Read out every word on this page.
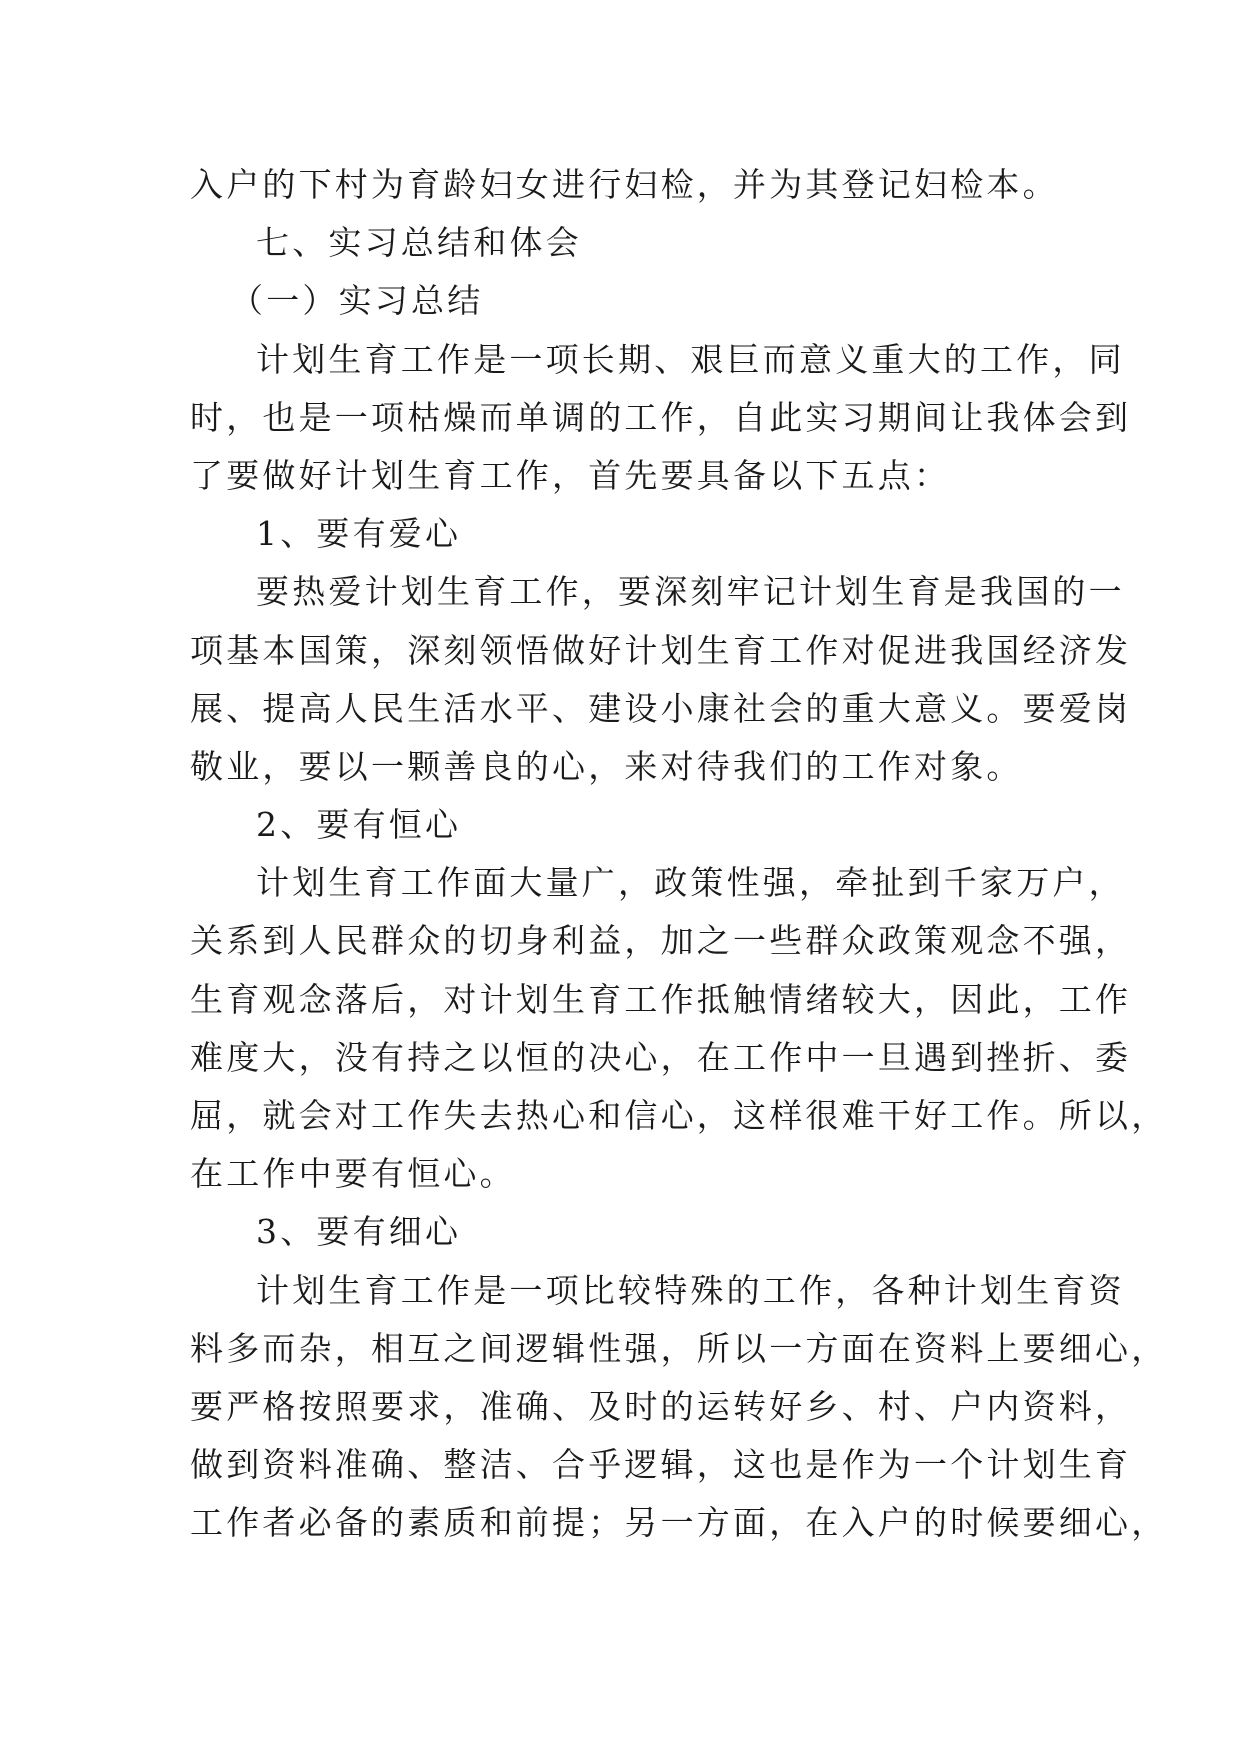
入户的下村为育龄妇女进行妇检，并为其登记妇检本。
七、实习总结和体会
（一）实习总结
计划生育工作是一项长期、艰巨而意义重大的工作，同
时，也是一项枯燥而单调的工作，自此实习期间让我体会到
了要做好计划生育工作，首先要具备以下五点：
1、要有爱心
要热爱计划生育工作，要深刻牢记计划生育是我国的一
项基本国策，深刻领悟做好计划生育工作对促进我国经济发
展、提高人民生活水平、建设小康社会的重大意义。要爱岗
敬业，要以一颗善良的心，来对待我们的工作对象。
2、要有恒心
计划生育工作面大量广，政策性强，牵扯到千家万户，
关系到人民群众的切身利益，加之一些群众政策观念不强，
生育观念落后，对计划生育工作抵触情绪较大，因此，工作
难度大，没有持之以恒的决心，在工作中一旦遇到挫折、委
屈，就会对工作失去热心和信心，这样很难干好工作。所以，
在工作中要有恒心。
3、要有细心
计划生育工作是一项比较特殊的工作，各种计划生育资
料多而杂，相互之间逻辑性强，所以一方面在资料上要细心，
要严格按照要求，准确、及时的运转好乡、村、户内资料，
做到资料准确、整洁、合乎逻辑，这也是作为一个计划生育
工作者必备的素质和前提；另一方面，在入户的时候要细心，
